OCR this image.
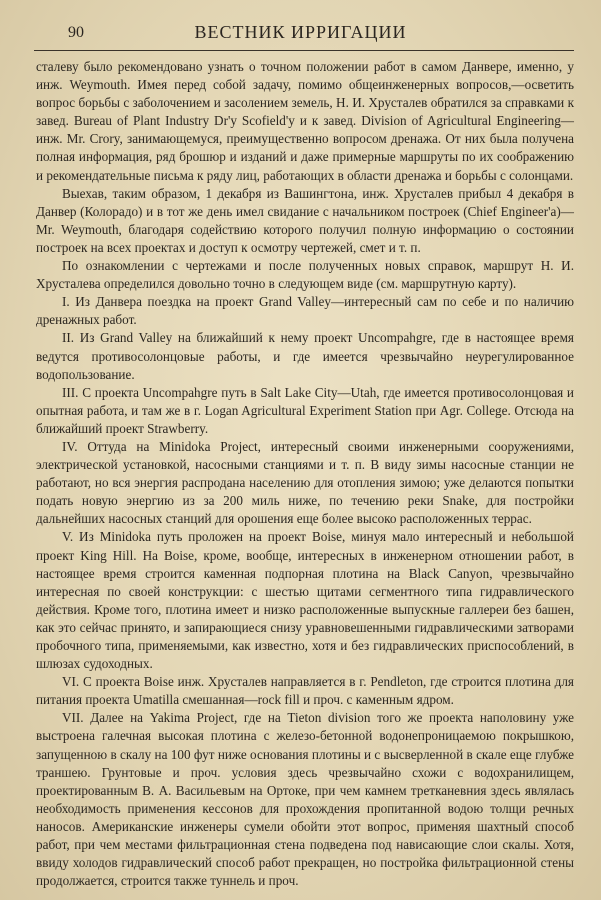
ВЕСТНИК ИРРИГАЦИИ
90

сталеву было рекомендовано узнать о точном положении работ в самом Данвере, именно, у инж. Weymouth. Имея перед собой задачу, помимо общеинженерных вопросов,—осветить вопрос борьбы с заболочением и засолением земель, Н. И. Хрусталев обратился за справками к завед. Bureau of Plant Industry Dr'y Scofield'у и к завед. Division of Agricultural Engineering—инж. Mr. Crory, занимающемуся, преимущественно вопросом дренажа. От них была получена полная информация, ряд брошюр и изданий и даже примерные маршруты по их соображению и рекомендательные письма к ряду лиц, работающих в области дренажа и борьбы с солонцами.

Выехав, таким образом, 1 декабря из Вашингтона, инж. Хрусталев прибыл 4 декабря в Данвер (Колорадо) и в тот же день имел свидание с начальником построек (Chief Engineer'а)—Mr. Weymouth, благодаря содействию которого получил полную информацию о состоянии построек на всех проектах и доступ к осмотру чертежей, смет и т. п.

По ознакомлении с чертежами и после полученных новых справок, маршрут Н. И. Хрусталева определился довольно точно в следующем виде (см. маршрутную карту).

I. Из Данвера поездка на проект Grand Valley—интересный сам по себе и по наличию дренажных работ.

II. Из Grand Valley на ближайший к нему проект Uncompahgre, где в настоящее время ведутся противосолонцовые работы, и где имеется чрезвычайно неурегулированное водопользование.

III. С проекта Uncompahgre путь в Salt Lake City—Utah, где имеется противосолонцовая и опытная работа, и там же в г. Logan Agricultural Experiment Station при Agr. College. Отсюда на ближайший проект Strawberry.

IV. Оттуда на Minidoka Project, интересный своими инженерными сооружениями, электрической установкой, насосными станциями и т. п. В виду зимы насосные станции не работают, но вся энергия распродана населению для отопления зимою; уже делаются попытки подать новую энергию из за 200 миль ниже, по течению реки Snake, для постройки дальнейших насосных станций для орошения еще более высоко расположенных террас.

V. Из Minidoka путь проложен на проект Boise, минуя мало интересный и небольшой проект King Hill. На Boise, кроме, вообще, интересных в инженерном отношении работ, в настоящее время строится каменная подпорная плотина на Black Canyon, чрезвычайно интересная по своей конструкции: с шестью щитами сегментного типа гидравлического действия. Кроме того, плотина имеет и низко расположенные выпускные галлереи без башен, как это сейчас принято, и запирающиеся снизу уравновешенными гидравлическими затворами пробочного типа, применяемыми, как известно, хотя и без гидравлических приспособлений, в шлюзах судоходных.

VI. С проекта Boise инж. Хрусталев направляется в г. Pendleton, где строится плотина для питания проекта Umatilla смешанная—rock fill и проч. с каменным ядром.

VII. Далее на Yakima Project, где на Tieton division того же проекта наполовину уже выстроена галечная высокая плотина с железо-бетонной водонепроницаемою покрышкою, запущенною в скалу на 100 фут ниже основания плотины и с выcверленной в скале еще глубже траншею. Грунтовые и проч. условия здесь чрезвычайно схожи с водохранилищем, проектированным В. А. Васильевым на Ортоке, при чем камнем третканевния здесь являлась необходимость применения кессонов для прохождения пропитанной водою толщи речных наносов. Американские инженеры сумели обойти этот вопрос, применяя шахтный способ работ, при чем местами фильтрационная стена подведена под нависающие слои скалы. Хотя, ввиду холодов гидравлический способ работ прекращен, но постройка фильтрационной стены продолжается, строится также туннель и проч.
